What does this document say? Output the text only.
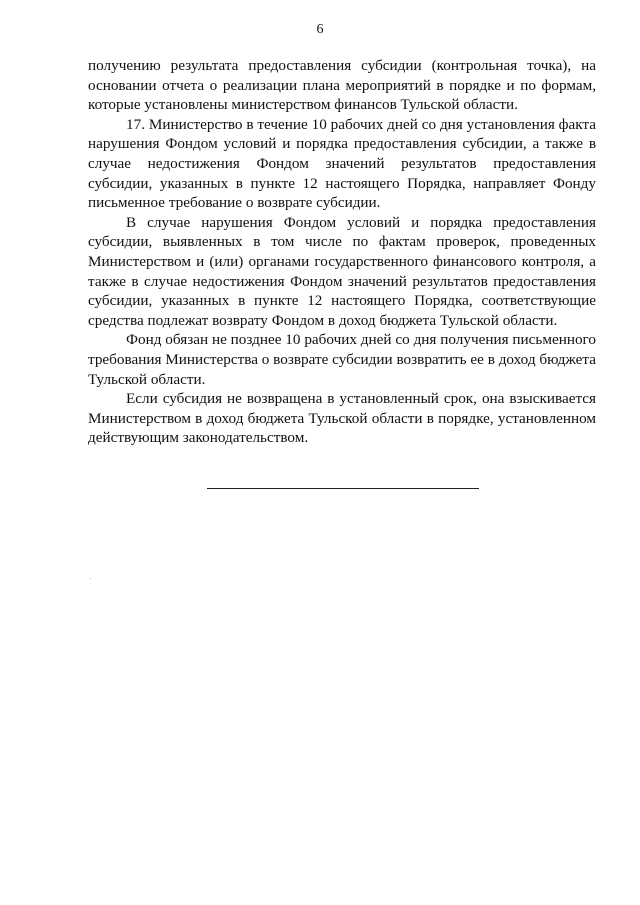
6

получению результата предоставления субсидии (контрольная точка), на основании отчета о реализации плана мероприятий в порядке и по формам, которые установлены министерством финансов Тульской области.

17. Министерство в течение 10 рабочих дней со дня установления факта нарушения Фондом условий и порядка предоставления субсидии, а также в случае недостижения Фондом значений результатов предоставления субсидии, указанных в пункте 12 настоящего Порядка, направляет Фонду письменное требование о возврате субсидии.

В случае нарушения Фондом условий и порядка предоставления субсидии, выявленных в том числе по фактам проверок, проведенных Министерством и (или) органами государственного финансового контроля, а также в случае недостижения Фондом значений результатов предоставления субсидии, указанных в пункте 12 настоящего Порядка, соответствующие средства подлежат возврату Фондом в доход бюджета Тульской области.

Фонд обязан не позднее 10 рабочих дней со дня получения письменного требования Министерства о возврате субсидии возвратить ее в доход бюджета Тульской области.

Если субсидия не возвращена в установленный срок, она взыскивается Министерством в доход бюджета Тульской области в порядке, установленном действующим законодательством.
